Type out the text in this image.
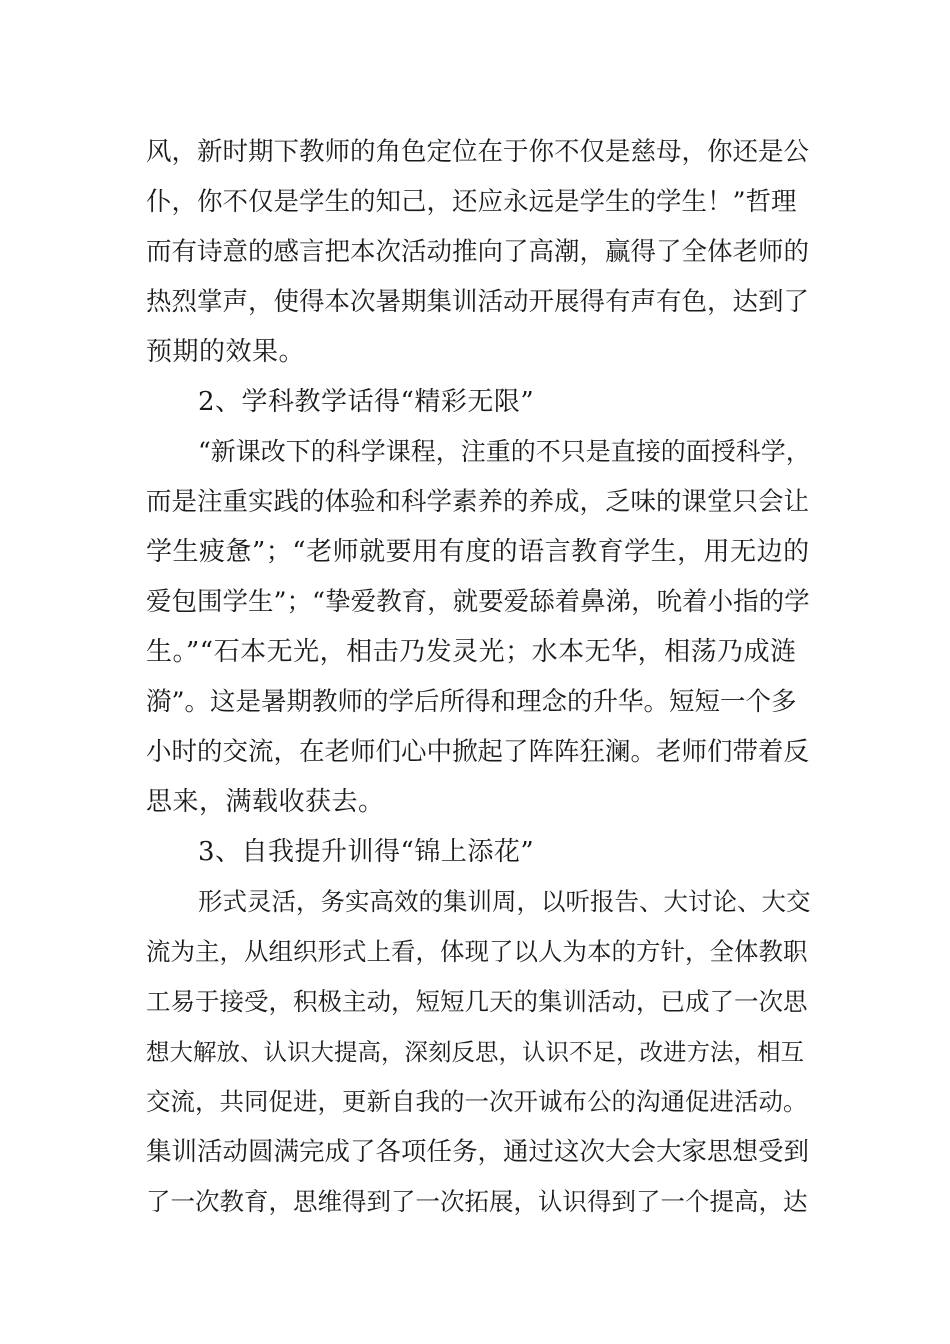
风，新时期下教师的角色定位在于你不仅是慈母，你还是公
仆，你不仅是学生的知己，还应永远是学生的学生！”哲理
而有诗意的感言把本次活动推向了高潮，赢得了全体老师的
热烈掌声，使得本次暑期集训活动开展得有声有色，达到了
预期的效果。
2、学科教学话得“精彩无限”
“新课改下的科学课程，注重的不只是直接的面授科学，
而是注重实践的体验和科学素养的养成，乏味的课堂只会让
学生疲惫”；“老师就要用有度的语言教育学生，用无边的
爱包围学生”；“挚爱教育，就要爱舔着鼻涕，吮着小指的学
生。”“石本无光，相击乃发灵光；水本无华，相荡乃成涟
漪”。这是暑期教师的学后所得和理念的升华。短短一个多
小时的交流，在老师们心中掀起了阵阵狂澜。老师们带着反
思来，满载收获去。
3、自我提升训得“锦上添花”
形式灵活，务实高效的集训周，以听报告、大讨论、大交
流为主，从组织形式上看，体现了以人为本的方针，全体教职
工易于接受，积极主动，短短几天的集训活动，已成了一次思
想大解放、认识大提高，深刻反思，认识不足，改进方法，相互
交流，共同促进，更新自我的一次开诚布公的沟通促进活动。
集训活动圆满完成了各项任务，通过这次大会大家思想受到
了一次教育，思维得到了一次拓展，认识得到了一个提高，达
